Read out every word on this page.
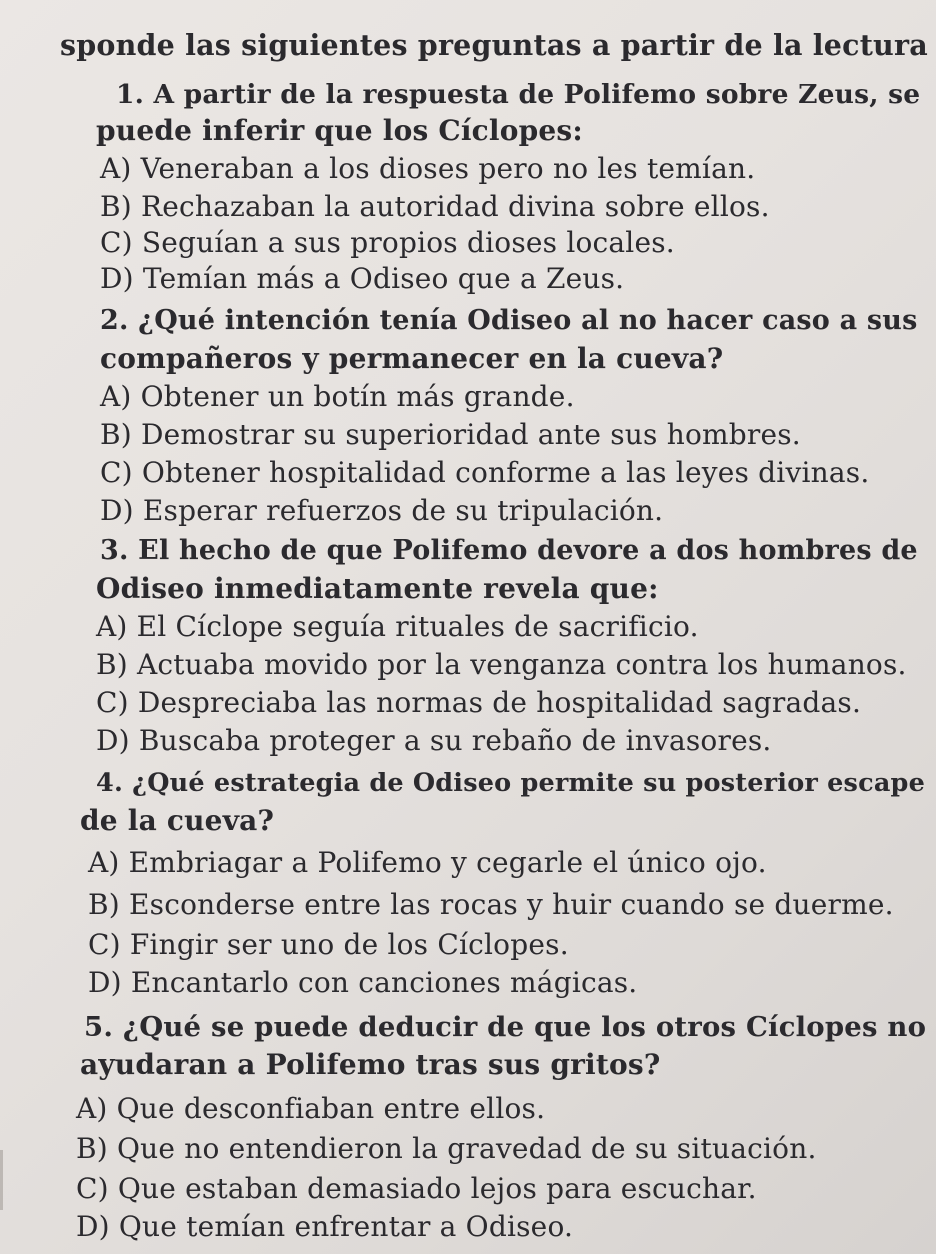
sponde las siguientes preguntas a partir de la lectura
1. A partir de la respuesta de Polifemo sobre Zeus, se
puede inferir que los Cíclopes:
A) Veneraban a los dioses pero no les temían.
B) Rechazaban la autoridad divina sobre ellos.
C) Seguían a sus propios dioses locales.
D) Temían más a Odiseo que a Zeus.
2. ¿Qué intención tenía Odiseo al no hacer caso a sus
compañeros y permanecer en la cueva?
A) Obtener un botín más grande.
B) Demostrar su superioridad ante sus hombres.
C) Obtener hospitalidad conforme a las leyes divinas.
D) Esperar refuerzos de su tripulación.
3. El hecho de que Polifemo devore a dos hombres de
Odiseo inmediatamente revela que:
A) El Cíclope seguía rituales de sacrificio.
B) Actuaba movido por la venganza contra los humanos.
C) Despreciaba las normas de hospitalidad sagradas.
D) Buscaba proteger a su rebaño de invasores.
4. ¿Qué estrategia de Odiseo permite su posterior escape
de la cueva?
A) Embriagar a Polifemo y cegarle el único ojo.
B) Esconderse entre las rocas y huir cuando se duerme.
C) Fingir ser uno de los Cíclopes.
D) Encantarlo con canciones mágicas.
5. ¿Qué se puede deducir de que los otros Cíclopes no
ayudaran a Polifemo tras sus gritos?
A) Que desconfiaban entre ellos.
B) Que no entendieron la gravedad de su situación.
C) Que estaban demasiado lejos para escuchar.
D) Que temían enfrentar a Odiseo.
